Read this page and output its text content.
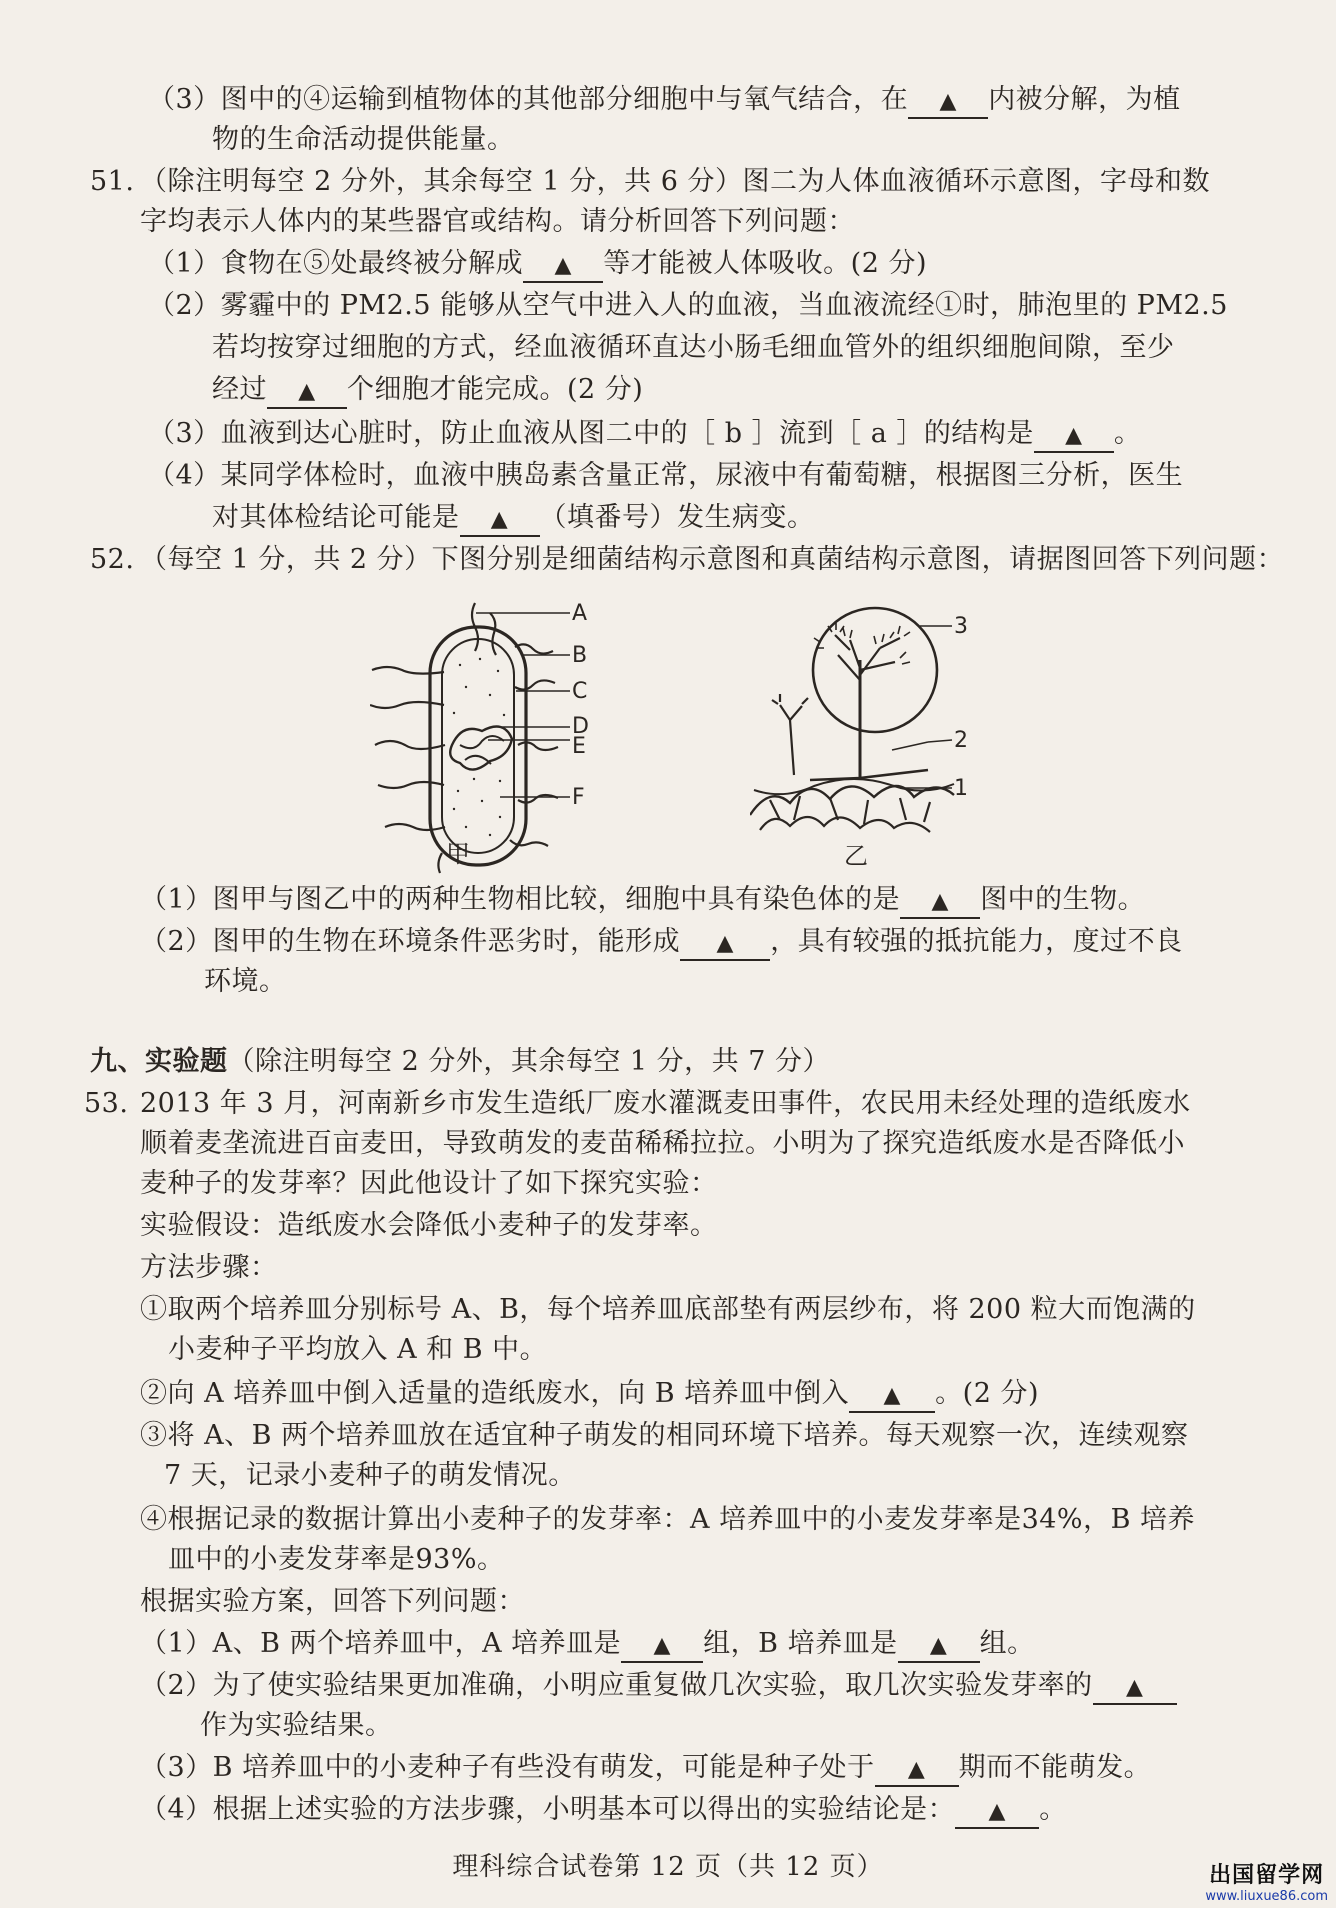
（3）图中的④运输到植物体的其他部分细胞中与氧气结合，在 ▲ 内被分解，为植
物的生命活动提供能量。
51. （除注明每空 2 分外，其余每空 1 分，共 6 分）图二为人体血液循环示意图，字母和数
字均表示人体内的某些器官或结构。请分析回答下列问题：
（1）食物在⑤处最终被分解成 ▲ 等才能被人体吸收。(2 分)
（2）雾霾中的 PM2.5 能够从空气中进入人的血液，当血液流经①时，肺泡里的 PM2.5
若均按穿过细胞的方式，经血液循环直达小肠毛细血管外的组织细胞间隙，至少
经过 ▲ 个细胞才能完成。(2 分)
（3）血液到达心脏时，防止血液从图二中的［ b ］流到［ a ］的结构是 ▲ 。
（4）某同学体检时，血液中胰岛素含量正常，尿液中有葡萄糖，根据图三分析，医生
对其体检结论可能是 ▲ （填番号）发生病变。
52. （每空 1 分，共 2 分）下图分别是细菌结构示意图和真菌结构示意图，请据图回答下列问题：
A
B
C
D
E
F
甲
3
2
1
乙
（1）图甲与图乙中的两种生物相比较，细胞中具有染色体的是 ▲ 图中的生物。
（2）图甲的生物在环境条件恶劣时，能形成 ▲ ，具有较强的抵抗能力，度过不良
环境。
九、实验题（除注明每空 2 分外，其余每空 1 分，共 7 分）
53. 2013 年 3 月，河南新乡市发生造纸厂废水灌溉麦田事件，农民用未经处理的造纸废水
顺着麦垄流进百亩麦田，导致萌发的麦苗稀稀拉拉。小明为了探究造纸废水是否降低小
麦种子的发芽率？因此他设计了如下探究实验：
实验假设：造纸废水会降低小麦种子的发芽率。
方法步骤：
①取两个培养皿分别标号 A、B，每个培养皿底部垫有两层纱布，将 200 粒大而饱满的
小麦种子平均放入 A 和 B 中。
②向 A 培养皿中倒入适量的造纸废水，向 B 培养皿中倒入 ▲ 。(2 分)
③将 A、B 两个培养皿放在适宜种子萌发的相同环境下培养。每天观察一次，连续观察
7 天，记录小麦种子的萌发情况。
④根据记录的数据计算出小麦种子的发芽率：A 培养皿中的小麦发芽率是34%，B 培养
皿中的小麦发芽率是93%。
根据实验方案，回答下列问题：
（1）A、B 两个培养皿中，A 培养皿是 ▲ 组，B 培养皿是 ▲ 组。
（2）为了使实验结果更加准确，小明应重复做几次实验，取几次实验发芽率的 ▲
作为实验结果。
（3）B 培养皿中的小麦种子有些没有萌发，可能是种子处于 ▲ 期而不能萌发。
（4）根据上述实验的方法步骤，小明基本可以得出的实验结论是： ▲ 。
理科综合试卷第 12 页（共 12 页）	出国留学网
www.liuxue86.com
